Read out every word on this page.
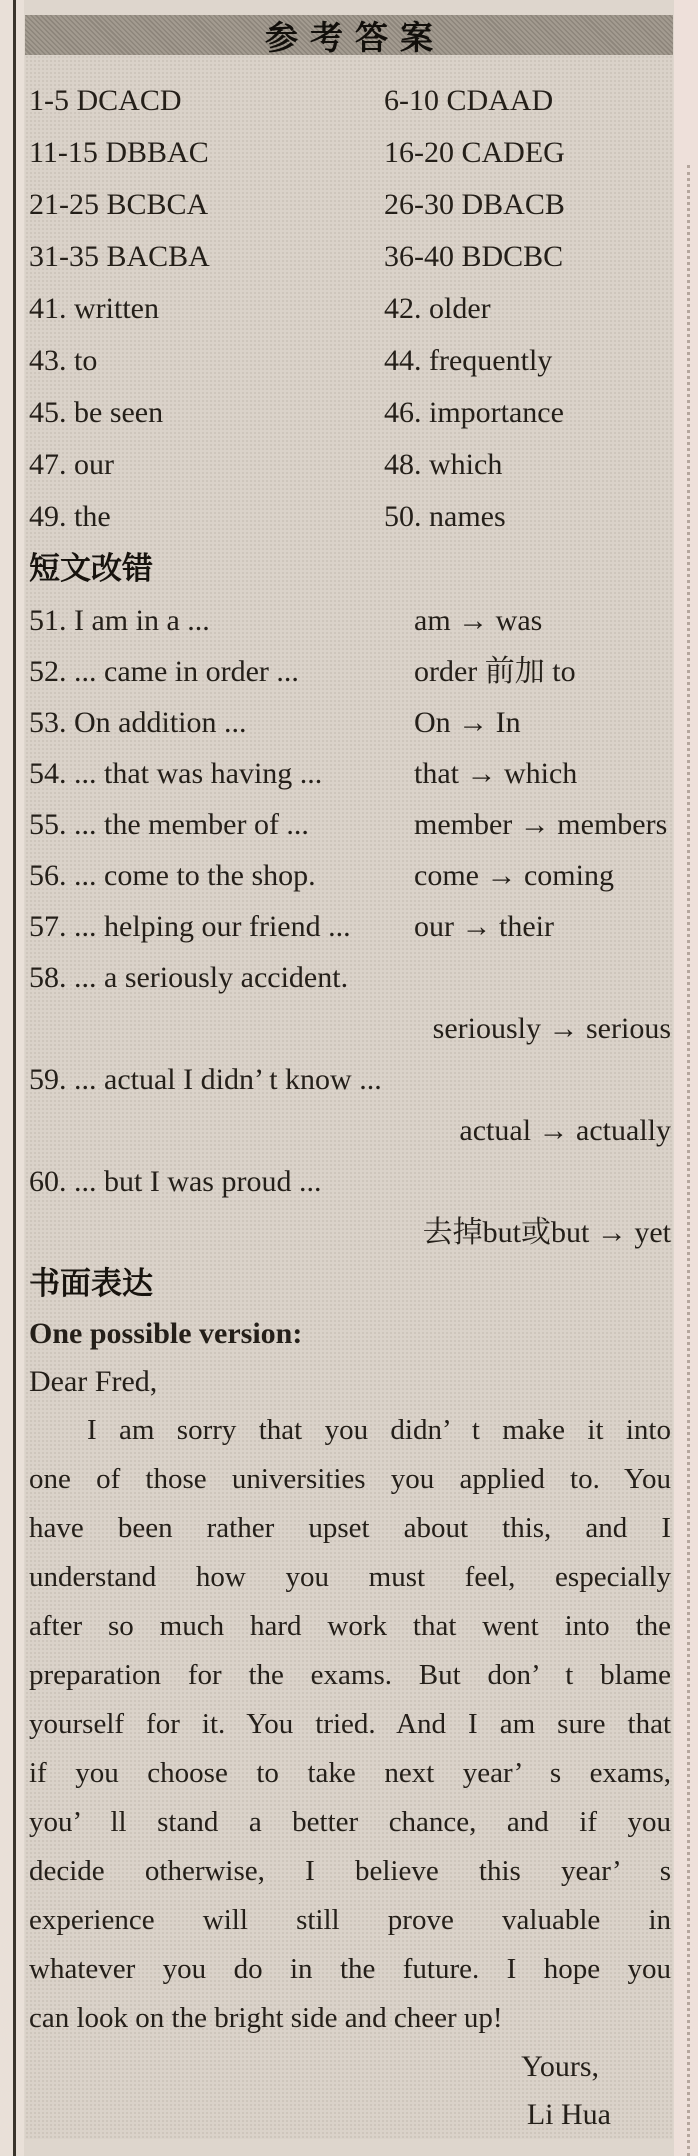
参考答案
1-5 DCACD	6-10 CDAAD
11-15 DBBAC	16-20 CADEG
21-25 BCBCA	26-30 DBACB
31-35 BACBA	36-40 BDCBC
41. written	42. older
43. to	44. frequently
45. be seen	46. importance
47. our	48. which
49. the	50. names
短文改错
51. I am in a ...	am → was
52. ... came in order ...	order 前加 to
53. On addition ...	On → In
54. ... that was having ...	that → which
55. ... the member of ...	member → members
56. ... come to the shop.	come → coming
57. ... helping our friend ...	our → their
58. ... a seriously accident.
seriously → serious
59. ... actual I didn’ t know ...
actual → actually
60. ... but I was proud ...
去掉but或but → yet
书面表达
One possible version:
Dear Fred,
I am sorry that you didn’ t make it into
one of those universities you applied to. You
have been rather upset about this, and I
understand how you must feel, especially
after so much hard work that went into the
preparation for the exams. But don’ t blame
yourself for it. You tried. And I am sure that
if you choose to take next year’ s exams,
you’ ll stand a better chance, and if you
decide otherwise, I believe this year’ s
experience will still prove valuable in
whatever you do in the future. I hope you
can look on the bright side and cheer up!
Yours,
Li Hua
